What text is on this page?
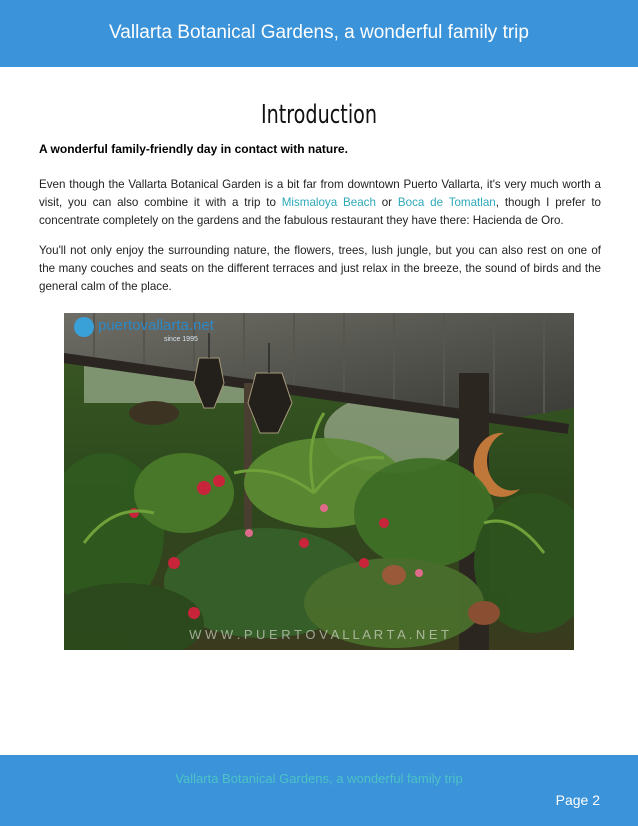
Vallarta Botanical Gardens, a wonderful family trip
Introduction
A wonderful family-friendly day in contact with nature.
Even though the Vallarta Botanical Garden is a bit far from downtown Puerto Vallarta, it's very much worth a visit, you can also combine it with a trip to Mismaloya Beach or Boca de Tomatlan, though I prefer to concentrate completely on the gardens and the fabulous restaurant they have there: Hacienda de Oro.
You'll not only enjoy the surrounding nature, the flowers, trees, lush jungle, but you can also rest on one of the many couches and seats on the different terraces and just relax in the breeze, the sound of birds and the general calm of the place.
puertovallarta.net
since 1995
W W W . P U E R T O V A L L A R T A . N E T
Vallarta Botanical Gardens, a wonderful family trip
Page 2
